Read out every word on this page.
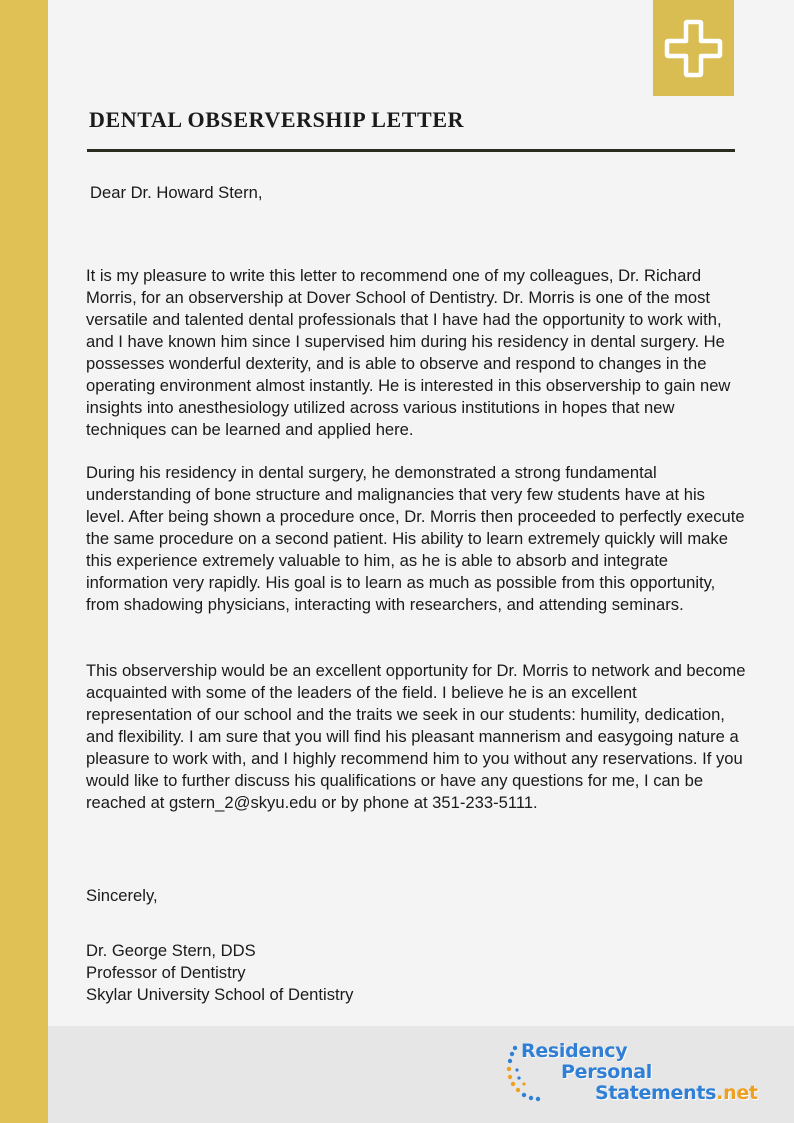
DENTAL OBSERVERSHIP LETTER

Dear Dr. Howard Stern,

It is my pleasure to write this letter to recommend one of my colleagues, Dr. Richard Morris, for an observership at Dover School of Dentistry. Dr. Morris is one of the most versatile and talented dental professionals that I have had the opportunity to work with, and I have known him since I supervised him during his residency in dental surgery. He possesses wonderful dexterity, and is able to observe and respond to changes in the operating environment almost instantly. He is interested in this observership to gain new insights into anesthesiology utilized across various institutions in hopes that new techniques can be learned and applied here.

During his residency in dental surgery, he demonstrated a strong fundamental understanding of bone structure and malignancies that very few students have at his level. After being shown a procedure once, Dr. Morris then proceeded to perfectly execute the same procedure on a second patient. His ability to learn extremely quickly will make this experience extremely valuable to him, as he is able to absorb and integrate information very rapidly. His goal is to learn as much as possible from this opportunity, from shadowing physicians, interacting with researchers, and attending seminars.

This observership would be an excellent opportunity for Dr. Morris to network and become acquainted with some of the leaders of the field. I believe he is an excellent representation of our school and the traits we seek in our students: humility, dedication, and flexibility. I am sure that you will find his pleasant mannerism and easygoing nature a pleasure to work with, and I highly recommend him to you without any reservations. If you would like to further discuss his qualifications or have any questions for me, I can be reached at gstern_2@skyu.edu or by phone at 351-233-5111.

Sincerely,

Dr. George Stern, DDS
Professor of Dentistry
Skylar University School of Dentistry
Residency
Personal
Statements.net
